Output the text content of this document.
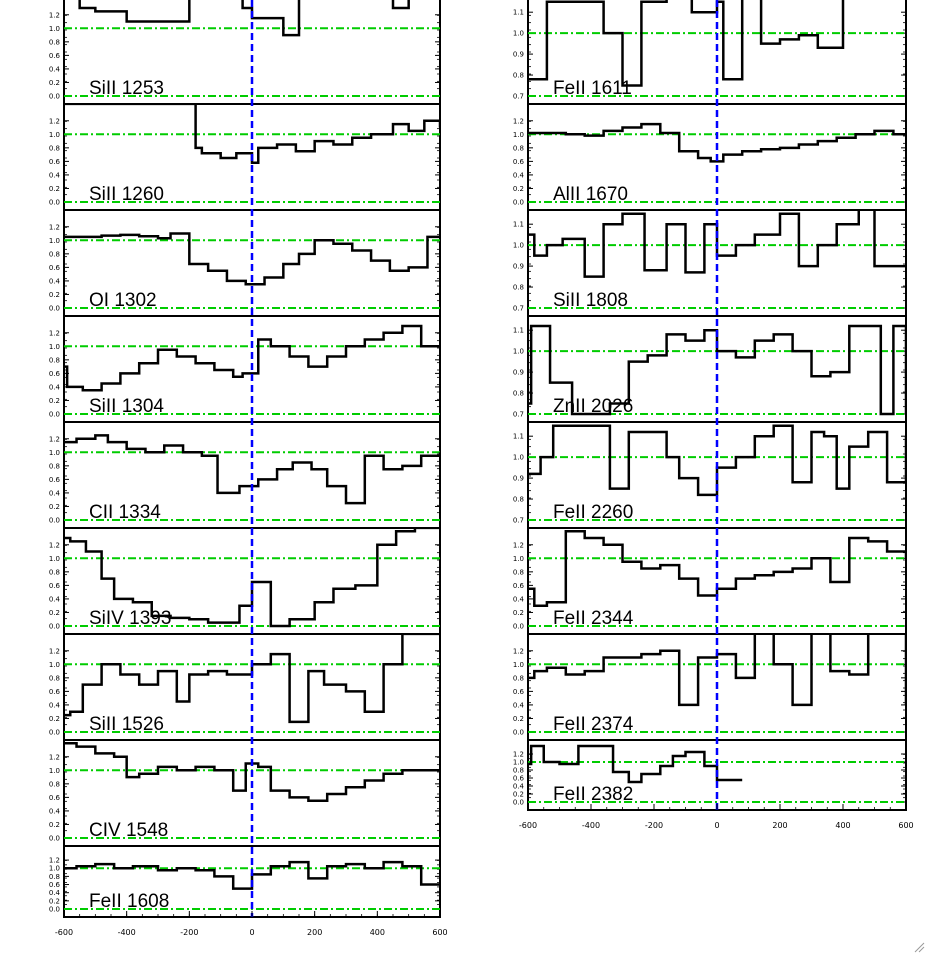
0.0
0.2
0.4
0.6
0.8
1.0
1.2
SiII 1253
0.0
0.2
0.4
0.6
0.8
1.0
1.2
SiII 1260
0.0
0.2
0.4
0.6
0.8
1.0
1.2
OI 1302
0.0
0.2
0.4
0.6
0.8
1.0
1.2
SiII 1304
0.0
0.2
0.4
0.6
0.8
1.0
1.2
CII 1334
0.0
0.2
0.4
0.6
0.8
1.0
1.2
SiIV 1393
0.0
0.2
0.4
0.6
0.8
1.0
1.2
SiII 1526
0.0
0.2
0.4
0.6
0.8
1.0
1.2
CIV 1548
0.0
0.2
0.4
0.6
0.8
1.0
1.2
FeII 1608
-600	-400	-200	0	200	400	600
0.7
0.8
0.9
1.0
1.1
FeII 1611
0.0
0.2
0.4
0.6
0.8
1.0
1.2
AlII 1670
0.7
0.8
0.9
1.0
1.1
SiII 1808
0.7
0.8
0.9
1.0
1.1
ZnII 2026
0.7
0.8
0.9
1.0
1.1
FeII 2260
0.0
0.2
0.4
0.6
0.8
1.0
1.2
FeII 2344
0.0
0.2
0.4
0.6
0.8
1.0
1.2
FeII 2374
0.0
0.2
0.4
0.6
0.8
1.0
1.2
FeII 2382
-600	-400	-200	0	200	400	600
